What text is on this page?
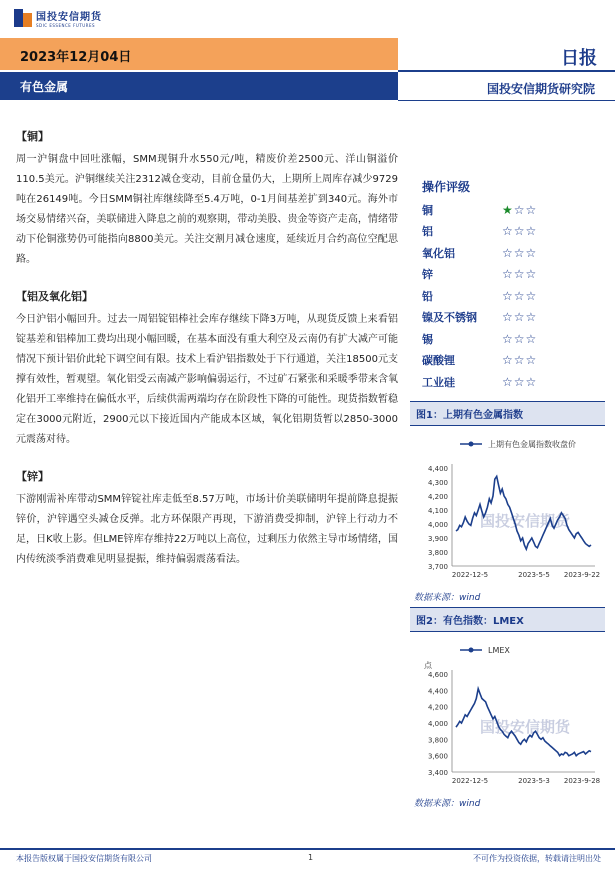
国投安信期货
SDIC ESSENCE FUTURES
2023年12月04日	日报
有色金属	国投安信期货研究院
【铜】
周一沪铜盘中回吐涨幅，SMM现铜升水550元/吨，精废价差2500元、洋山铜溢价110.5美元。沪铜继续关注2312减仓变动，目前仓量仍大，上期所上周库存减少9729吨在26149吨。今日SMM铜社库继续降至5.4万吨，0-1月间基差扩到340元。海外市场交易情绪兴奋，美联储进入降息之前的观察期，带动美股、贵金等资产走高，情绪带动下伦铜涨势仍可能指向8800美元。关注交割月减仓速度，延续近月合约高位空配思路。
【铝及氧化铝】
今日沪铝小幅回升。过去一周铝锭铝棒社会库存继续下降3万吨，从现货反馈上来看铝锭基差和铝棒加工费均出现小幅回暖，在基本面没有重大利空及云南仍有扩大减产可能情况下预计铝价此轮下调空间有限。技术上看沪铝指数处于下行通道，关注18500元支撑有效性，暂观望。氧化铝受云南减产影响偏弱运行，不过矿石紧张和采暖季带来含氧化铝开工率维持在偏低水平，后续供需两端均存在阶段性下降的可能性。现货指数暂稳定在3000元附近，2900元以下接近国内产能成本区域，氧化铝期货暂以2850-3000元震荡对待。
【锌】
下游刚需补库带动SMM锌锭社库走低至8.57万吨，市场计价美联储明年提前降息提振锌价，沪锌遇空头减仓反弹。北方环保限产再现，下游消费受抑制，沪锌上行动力不足，日K收上影。但LME锌库存维持22万吨以上高位，过剩压力依然主导市场情绪，国内传统淡季消费难见明显提振，维持偏弱震荡看法。
操作评级
铜	★☆☆
铝	☆☆☆
氧化铝	☆☆☆
锌	☆☆☆
铅	☆☆☆
镍及不锈钢	☆☆☆
锡	☆☆☆
碳酸锂	☆☆☆
工业硅	☆☆☆
图1：上期有色金属指数
上期有色金属指数收盘价
国投安信期货
3,700
3,800
3,900
4,000
4,100
4,200
4,300
4,400
2022-12-5	2023-5-5 2023-9-22
数据来源：wind
图2：有色指数：LMEX
LMEX
点
国投安信期货
3,400
3,600
3,800
4,000
4,200
4,400
4,600
2022-12-5	2023-5-3 2023-9-28
数据来源：wind
本报告版权属于国投安信期货有限公司	1	不可作为投资依据，转载请注明出处
